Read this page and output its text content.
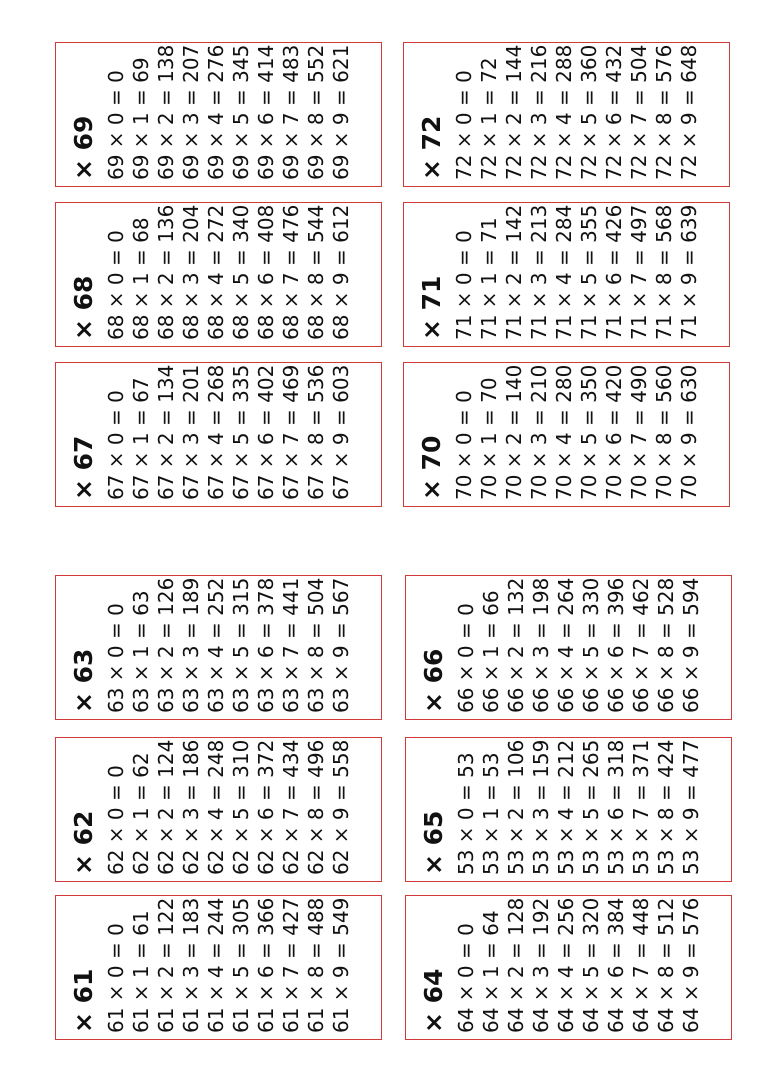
× 61 61 × 0 = 0 61 × 1 = 61 61 × 2 = 122 61 × 3 = 183 61 × 4 = 244 61 × 5 = 305 61 × 6 = 366 61 × 7 = 427 61 × 8 = 488 61 × 9 = 549
× 62 62 × 0 = 0 62 × 1 = 62 62 × 2 = 124 62 × 3 = 186 62 × 4 = 248 62 × 5 = 310 62 × 6 = 372 62 × 7 = 434 62 × 8 = 496 62 × 9 = 558
× 63 63 × 0 = 0 63 × 1 = 63 63 × 2 = 126 63 × 3 = 189 63 × 4 = 252 63 × 5 = 315 63 × 6 = 378 63 × 7 = 441 63 × 8 = 504 63 × 9 = 567
× 64 64 × 0 = 0 64 × 1 = 64 64 × 2 = 128 64 × 3 = 192 64 × 4 = 256 64 × 5 = 320 64 × 6 = 384 64 × 7 = 448 64 × 8 = 512 64 × 9 = 576
× 65 53 × 0 = 53 53 × 1 = 53 53 × 2 = 106 53 × 3 = 159 53 × 4 = 212 53 × 5 = 265 53 × 6 = 318 53 × 7 = 371 53 × 8 = 424 53 × 9 = 477
× 66 66 × 0 = 0 66 × 1 = 66 66 × 2 = 132 66 × 3 = 198 66 × 4 = 264 66 × 5 = 330 66 × 6 = 396 66 × 7 = 462 66 × 8 = 528 66 × 9 = 594
× 67 67 × 0 = 0 67 × 1 = 67 67 × 2 = 134 67 × 3 = 201 67 × 4 = 268 67 × 5 = 335 67 × 6 = 402 67 × 7 = 469 67 × 8 = 536 67 × 9 = 603
× 68 68 × 0 = 0 68 × 1 = 68 68 × 2 = 136 68 × 3 = 204 68 × 4 = 272 68 × 5 = 340 68 × 6 = 408 68 × 7 = 476 68 × 8 = 544 68 × 9 = 612
× 69 69 × 0 = 0 69 × 1 = 69 69 × 2 = 138 69 × 3 = 207 69 × 4 = 276 69 × 5 = 345 69 × 6 = 414 69 × 7 = 483 69 × 8 = 552 69 × 9 = 621
× 70 70 × 0 = 0 70 × 1 = 70 70 × 2 = 140 70 × 3 = 210 70 × 4 = 280 70 × 5 = 350 70 × 6 = 420 70 × 7 = 490 70 × 8 = 560 70 × 9 = 630
× 71 71 × 0 = 0 71 × 1 = 71 71 × 2 = 142 71 × 3 = 213 71 × 4 = 284 71 × 5 = 355 71 × 6 = 426 71 × 7 = 497 71 × 8 = 568 71 × 9 = 639
× 72 72 × 0 = 0 72 × 1 = 72 72 × 2 = 144 72 × 3 = 216 72 × 4 = 288 72 × 5 = 360 72 × 6 = 432 72 × 7 = 504 72 × 8 = 576 72 × 9 = 648
